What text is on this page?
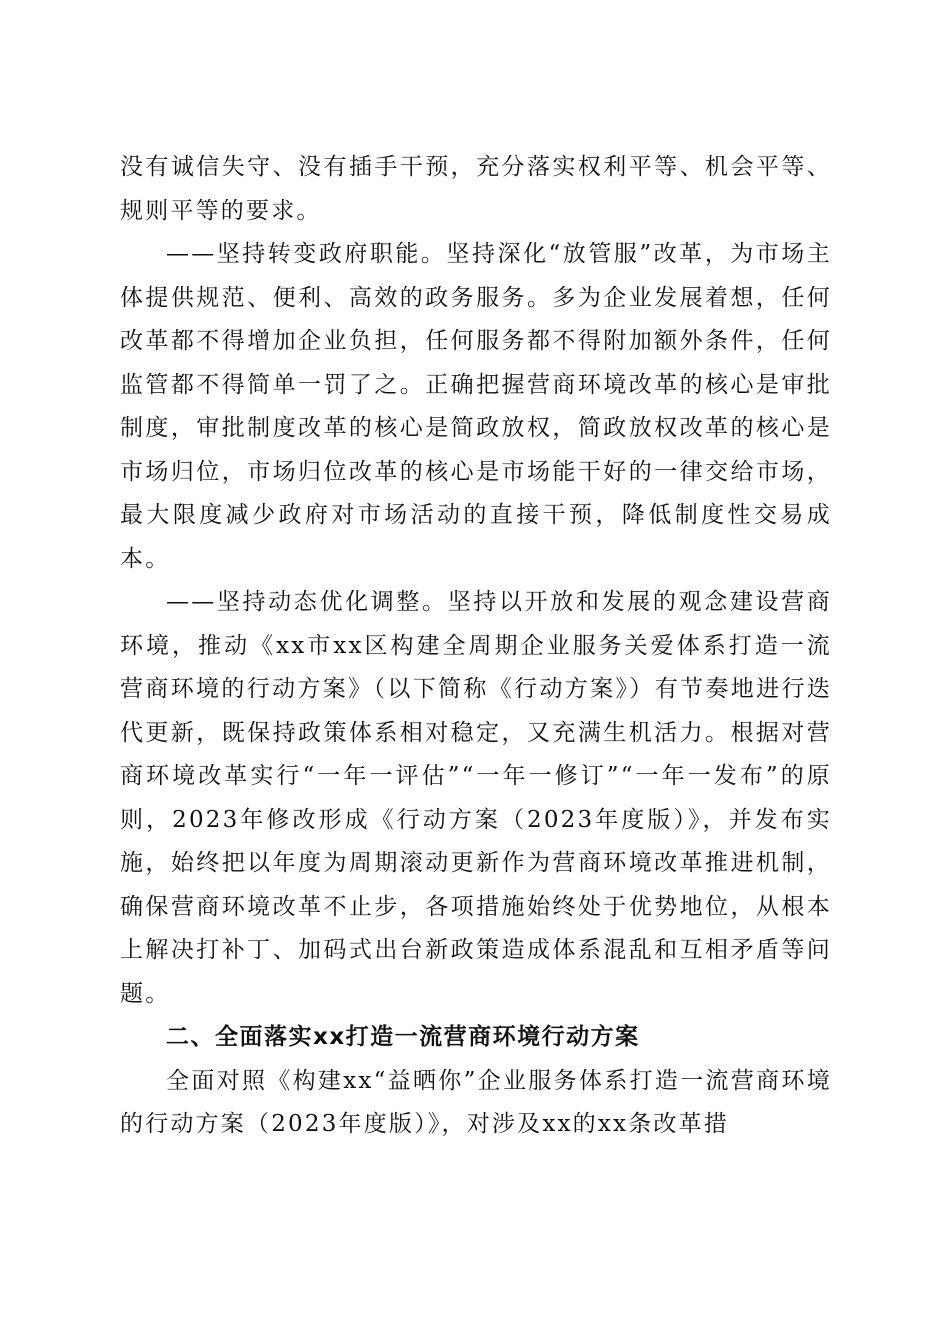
没有诚信失守、没有插手干预，充分落实权利平等、机会平等、规则平等的要求。

——坚持转变政府职能。坚持深化“放管服”改革，为市场主体提供规范、便利、高效的政务服务。多为企业发展着想，任何改革都不得增加企业负担，任何服务都不得附加额外条件，任何监管都不得简单一罚了之。正确把握营商环境改革的核心是审批制度，审批制度改革的核心是简政放权，简政放权改革的核心是市场归位，市场归位改革的核心是市场能干好的一律交给市场，最大限度减少政府对市场活动的直接干预，降低制度性交易成本。

——坚持动态优化调整。坚持以开放和发展的观念建设营商环境，推动《xx市xx区构建全周期企业服务关爱体系打造一流营商环境的行动方案》（以下简称《行动方案》）有节奏地进行迭代更新，既保持政策体系相对稳定，又充满生机活力。根据对营商环境改革实行“一年一评估”“一年一修订”“一年一发布”的原则，2023年修改形成《行动方案（2023年度版）》，并发布实施，始终把以年度为周期滚动更新作为营商环境改革推进机制，确保营商环境改革不止步，各项措施始终处于优势地位，从根本上解决打补丁、加码式出台新政策造成体系混乱和互相矛盾等问题。

二、全面落实xx打造一流营商环境行动方案

全面对照《构建xx“益晒你”企业服务体系打造一流营商环境的行动方案（2023年度版）》，对涉及xx的xx条改革措
